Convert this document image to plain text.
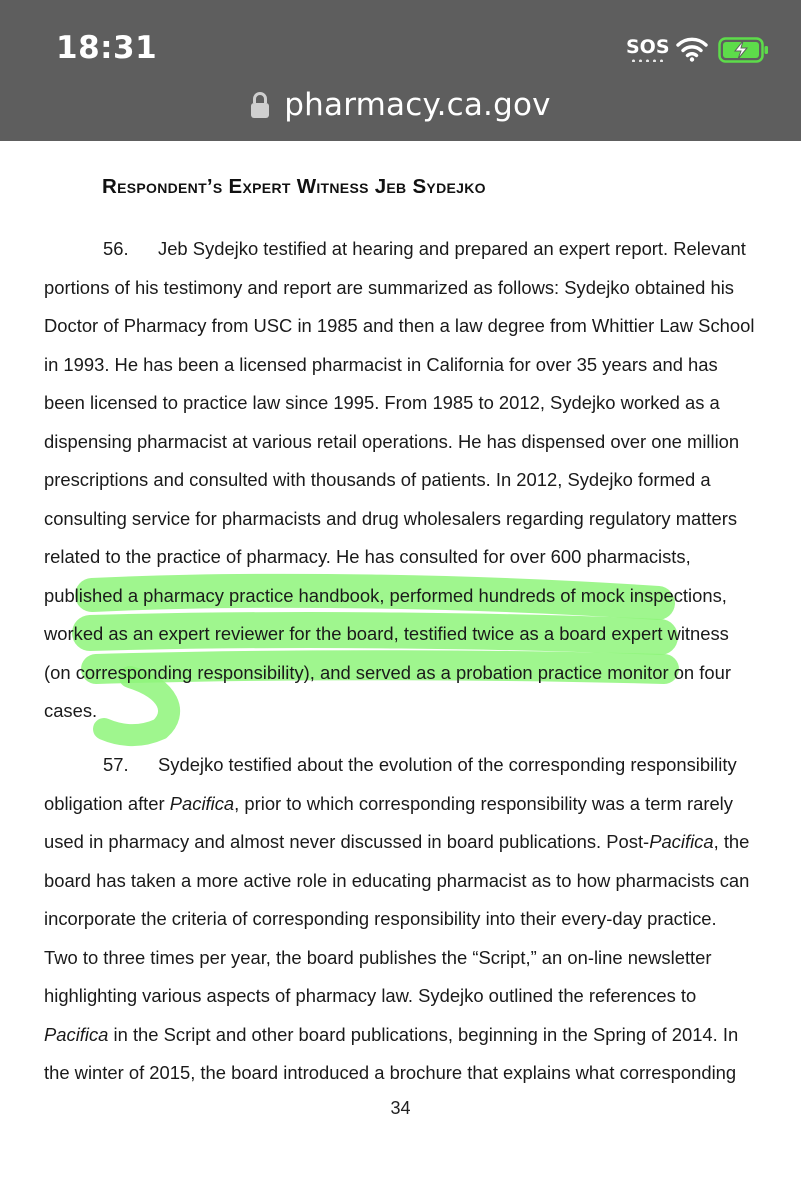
18:31	SOS
pharmacy.ca.gov
Respondent’s Expert Witness Jeb Sydejko
56. Jeb Sydejko testified at hearing and prepared an expert report. Relevant
portions of his testimony and report are summarized as follows: Sydejko obtained his
Doctor of Pharmacy from USC in 1985 and then a law degree from Whittier Law School
in 1993. He has been a licensed pharmacist in California for over 35 years and has
been licensed to practice law since 1995. From 1985 to 2012, Sydejko worked as a
dispensing pharmacist at various retail operations. He has dispensed over one million
prescriptions and consulted with thousands of patients. In 2012, Sydejko formed a
consulting service for pharmacists and drug wholesalers regarding regulatory matters
related to the practice of pharmacy. He has consulted for over 600 pharmacists,
published a pharmacy practice handbook, performed hundreds of mock inspections,
worked as an expert reviewer for the board, testified twice as a board expert witness
(on corresponding responsibility), and served as a probation practice monitor on four
cases.
57. Sydejko testified about the evolution of the corresponding responsibility
obligation after Pacifica, prior to which corresponding responsibility was a term rarely
used in pharmacy and almost never discussed in board publications. Post-Pacifica, the
board has taken a more active role in educating pharmacist as to how pharmacists can
incorporate the criteria of corresponding responsibility into their every-day practice.
Two to three times per year, the board publishes the “Script,” an on-line newsletter
highlighting various aspects of pharmacy law. Sydejko outlined the references to
Pacifica in the Script and other board publications, beginning in the Spring of 2014. In
the winter of 2015, the board introduced a brochure that explains what corresponding
34
